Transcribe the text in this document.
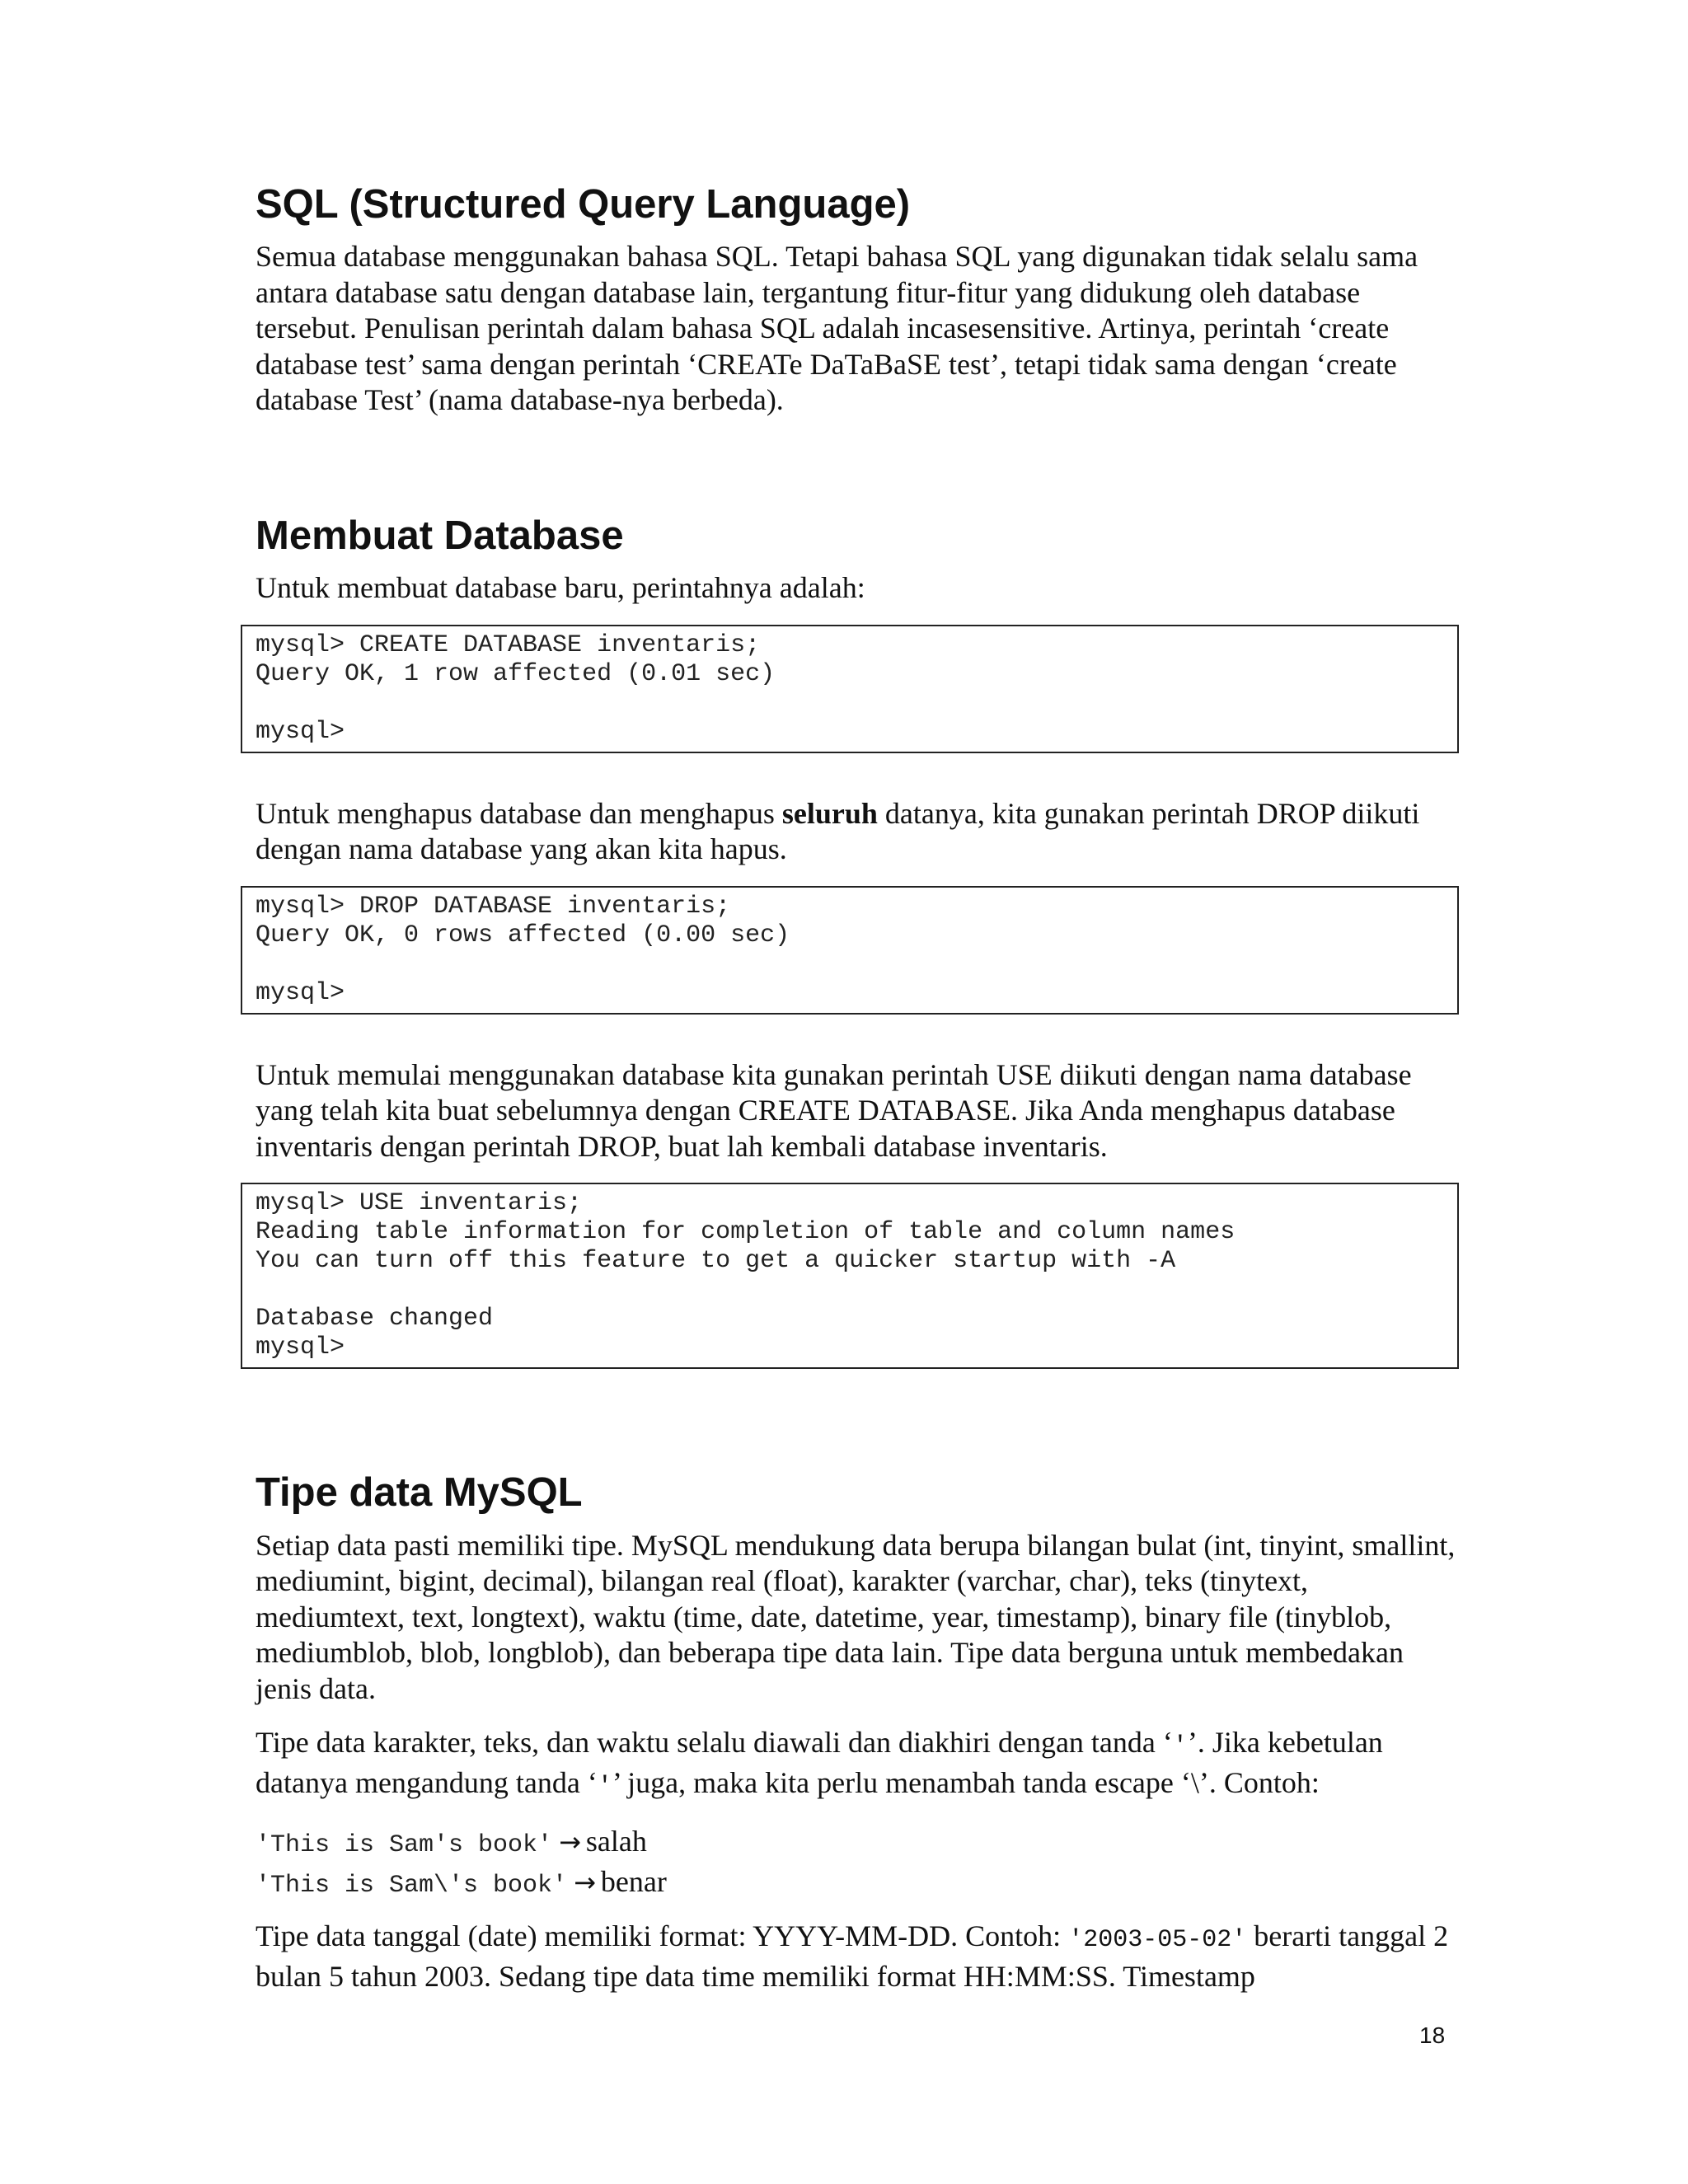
SQL (Structured Query Language)

Semua database menggunakan bahasa SQL. Tetapi bahasa SQL yang digunakan tidak selalu sama antara database satu dengan database lain, tergantung fitur-fitur yang didukung oleh database tersebut. Penulisan perintah dalam bahasa SQL adalah incasesensitive. Artinya, perintah ‘create database test’ sama dengan perintah ‘CREATe DaTaBaSE test’, tetapi tidak sama dengan ‘create database Test’ (nama database-nya berbeda).

Membuat Database

Untuk membuat database baru, perintahnya adalah:

mysql> CREATE DATABASE inventaris;
Query OK, 1 row affected (0.01 sec)

mysql>

Untuk menghapus database dan menghapus seluruh datanya, kita gunakan perintah DROP diikuti dengan nama database yang akan kita hapus.

mysql> DROP DATABASE inventaris;
Query OK, 0 rows affected (0.00 sec)

mysql>

Untuk memulai menggunakan database kita gunakan perintah USE diikuti dengan nama database yang telah kita buat sebelumnya dengan CREATE DATABASE. Jika Anda menghapus database inventaris dengan perintah DROP, buat lah kembali database inventaris.

mysql> USE inventaris;
Reading table information for completion of table and column names
You can turn off this feature to get a quicker startup with -A

Database changed
mysql>
Tipe data MySQL

Setiap data pasti memiliki tipe. MySQL mendukung data berupa bilangan bulat (int, tinyint, smallint, mediumint, bigint, decimal), bilangan real (float), karakter (varchar, char), teks (tinytext, mediumtext, text, longtext), waktu (time, date, datetime, year, timestamp), binary file (tinyblob, mediumblob, blob, longblob), dan beberapa tipe data lain. Tipe data berguna untuk membedakan jenis data.

Tipe data karakter, teks, dan waktu selalu diawali dan diakhiri dengan tanda ‘'’. Jika kebetulan datanya mengandung tanda ‘'’ juga, maka kita perlu menambah tanda escape ‘\’. Contoh:

'This is Sam's book' → salah
'This is Sam\'s book' → benar

Tipe data tanggal (date) memiliki format: YYYY-MM-DD. Contoh: '2003-05-02' berarti tanggal 2 bulan 5 tahun 2003. Sedang tipe data time memiliki format HH:MM:SS. Timestamp

18
